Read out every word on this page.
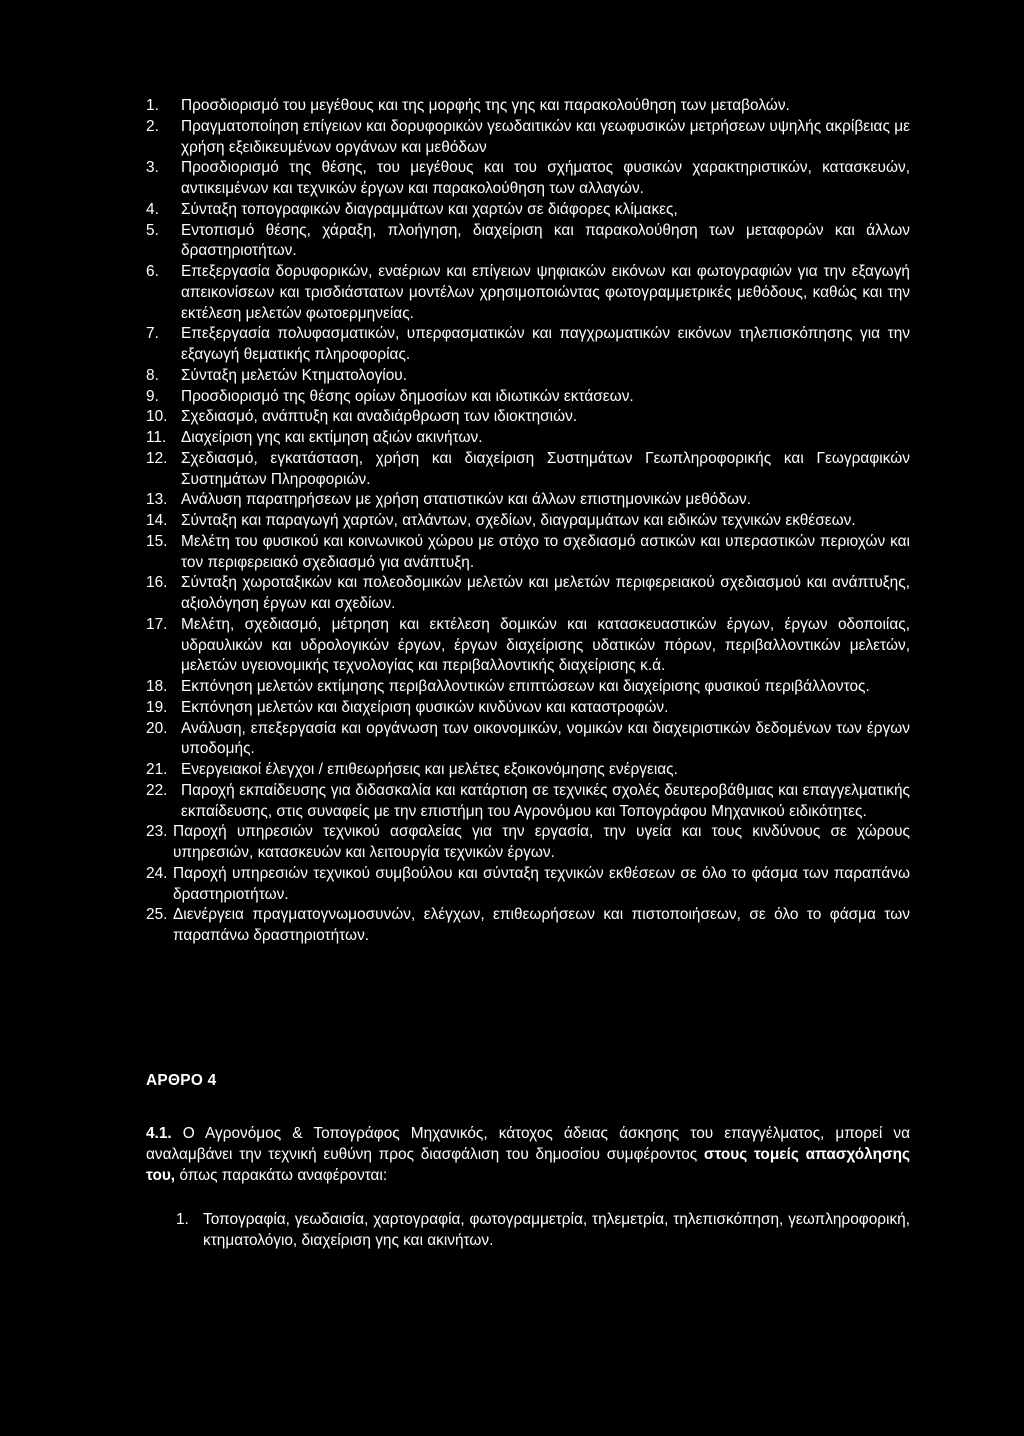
1. Προσδιορισμό του μεγέθους και της μορφής της γης και παρακολούθηση των μεταβολών.
2. Πραγματοποίηση επίγειων και δορυφορικών γεωδαιτικών και γεωφυσικών μετρήσεων υψηλής ακρίβειας με χρήση εξειδικευμένων οργάνων και μεθόδων
3. Προσδιορισμό της θέσης, του μεγέθους και του σχήματος φυσικών χαρακτηριστικών, κατασκευών, αντικειμένων και τεχνικών έργων και παρακολούθηση των αλλαγών.
4. Σύνταξη τοπογραφικών διαγραμμάτων και χαρτών σε διάφορες κλίμακες,
5. Εντοπισμό θέσης, χάραξη, πλοήγηση, διαχείριση και παρακολούθηση των μεταφορών και άλλων δραστηριοτήτων.
6. Επεξεργασία δορυφορικών, εναέριων και επίγειων ψηφιακών εικόνων και φωτογραφιών για την εξαγωγή απεικονίσεων και τρισδιάστατων μοντέλων χρησιμοποιώντας φωτογραμμετρικές μεθόδους, καθώς και την εκτέλεση μελετών φωτοερμηνείας.
7. Επεξεργασία πολυφασματικών, υπερφασματικών και παγχρωματικών εικόνων τηλεπισκόπησης για την εξαγωγή θεματικής πληροφορίας.
8. Σύνταξη μελετών Κτηματολογίου.
9. Προσδιορισμό της θέσης ορίων δημοσίων και ιδιωτικών εκτάσεων.
10. Σχεδιασμό, ανάπτυξη και αναδιάρθρωση των ιδιοκτησιών.
11. Διαχείριση γης και εκτίμηση αξιών ακινήτων.
12. Σχεδιασμό, εγκατάσταση, χρήση και διαχείριση Συστημάτων Γεωπληροφορικής και Γεωγραφικών Συστημάτων Πληροφοριών.
13. Ανάλυση παρατηρήσεων με χρήση στατιστικών και άλλων επιστημονικών μεθόδων.
14. Σύνταξη και παραγωγή χαρτών, ατλάντων, σχεδίων, διαγραμμάτων και ειδικών τεχνικών εκθέσεων.
15. Μελέτη του φυσικού και κοινωνικού χώρου με στόχο το σχεδιασμό αστικών και υπεραστικών περιοχών και τον περιφερειακό σχεδιασμό για ανάπτυξη.
16. Σύνταξη χωροταξικών και πολεοδομικών μελετών και μελετών περιφερειακού σχεδιασμού και ανάπτυξης, αξιολόγηση έργων και σχεδίων.
17. Μελέτη, σχεδιασμό, μέτρηση και εκτέλεση δομικών και κατασκευαστικών έργων, έργων οδοποιίας, υδραυλικών και υδρολογικών έργων, έργων διαχείρισης υδατικών πόρων, περιβαλλοντικών μελετών, μελετών υγειονομικής τεχνολογίας και περιβαλλοντικής διαχείρισης κ.ά.
18. Εκπόνηση μελετών εκτίμησης περιβαλλοντικών επιπτώσεων και διαχείρισης φυσικού περιβάλλοντος.
19. Εκπόνηση μελετών και διαχείριση φυσικών κινδύνων και καταστροφών.
20. Ανάλυση, επεξεργασία και οργάνωση των οικονομικών, νομικών και διαχειριστικών δεδομένων των έργων υποδομής.
21. Ενεργειακοί έλεγχοι / επιθεωρήσεις και μελέτες εξοικονόμησης ενέργειας.
22. Παροχή εκπαίδευσης για διδασκαλία και κατάρτιση σε τεχνικές σχολές δευτεροβάθμιας και επαγγελματικής εκπαίδευσης, στις συναφείς με την επιστήμη του Αγρονόμου και Τοπογράφου Μηχανικού ειδικότητες.
23. Παροχή υπηρεσιών τεχνικού ασφαλείας για την εργασία, την υγεία και τους κινδύνους σε χώρους υπηρεσιών, κατασκευών και λειτουργία τεχνικών έργων.
24. Παροχή υπηρεσιών τεχνικού συμβούλου και σύνταξη τεχνικών εκθέσεων σε όλο το φάσμα των παραπάνω δραστηριοτήτων.
25. Διενέργεια πραγματογνωμοσυνών, ελέγχων, επιθεωρήσεων και πιστοποιήσεων, σε όλο το φάσμα των παραπάνω δραστηριοτήτων.
ΑΡΘΡΟ 4

4.1. Ο Αγρονόμος & Τοπογράφος Μηχανικός, κάτοχος άδειας άσκησης του επαγγέλματος, μπορεί να αναλαμβάνει την τεχνική ευθύνη προς διασφάλιση του δημοσίου συμφέροντος στους τομείς απασχόλησης του, όπως παρακάτω αναφέρονται:

1. Τοπογραφία, γεωδαισία, χαρτογραφία, φωτογραμμετρία, τηλεμετρία, τηλεπισκόπηση, γεωπληροφορική, κτηματολόγιο, διαχείριση γης και ακινήτων.
